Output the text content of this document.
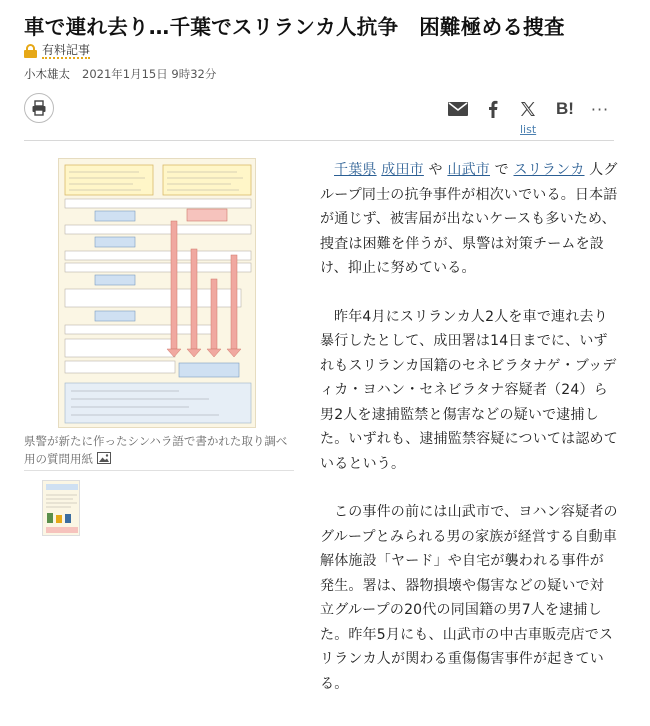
車で連れ去り…千葉でスリランカ人抗争　困難極める捜査
有料記事
小木雄太 2021年1月15日 9時32分
B! ···
list
県警が新たに作ったシンハラ語で書かれた取り調べ用の質問用紙

千葉県 成田市 や 山武市 で スリランカ 人グループ同士の抗争事件が相次いでいる。日本語が通じず、被害届が出ないケースも多いため、捜査は困難を伴うが、県警は対策チームを設け、抑止に努めている。

昨年4月にスリランカ人2人を車で連れ去り暴行したとして、成田署は14日までに、いずれもスリランカ国籍のセネビラタナゲ・ブッディカ・ヨハン・セネビラタナ容疑者（24）ら男2人を逮捕監禁と傷害などの疑いで逮捕した。いずれも、逮捕監禁容疑については認めているという。

この事件の前には山武市で、ヨハン容疑者のグループとみられる男の家族が経営する自動車解体施設「ヤード」や自宅が襲われる事件が発生。署は、器物損壊や傷害などの疑いで対立グループの20代の同国籍の男7人を逮捕した。昨年5月にも、山武市の中古車販売店でスリランカ人が関わる重傷傷害事件が起きている。
